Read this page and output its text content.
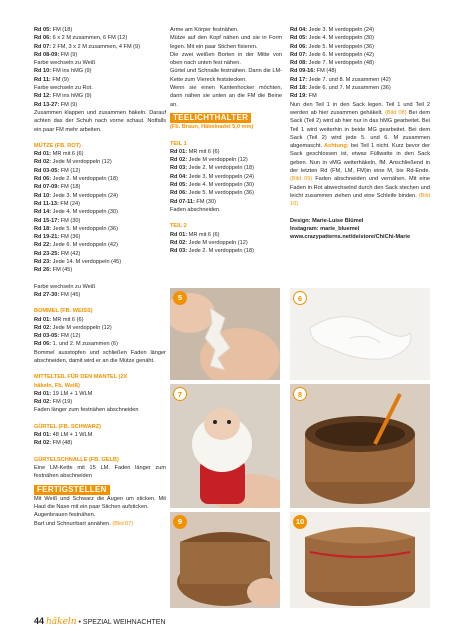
Rd 05: FM (18)
Rd 06: 6 x 2 M zusammen, 6 FM (12)
Rd 07: 2 FM, 3 x 2 M zusammen, 4 FM (9)
Rd 08-09: FM (9)
Farbe wechseln zu Weiß
Rd 10: FM ins hMG (9)
Rd 11: FM (9)
Farbe wechseln zu Rot.
Rd 12: FM ins hMG (9)
Rd 13-27: FM (9)
Zusammen klappen und zusammen häkeln. Darauf achten das der Schuh nach vorne schaut. Notfalls ein paar FM mehr arbeiten.
MÜTZE (FB. ROT)
Rd 01: MR mit 6 (6)
Rd 02: Jede M verdoppeln (12)
Rd 03-05: FM (12)
Rd 06: Jede 2. M verdoppeln (18)
Rd 07-09: FM (18)
Rd 10: Jede 3. M verdoppeln (24)
Rd 11-13: FM (24)
Rd 14: Jede 4. M verdoppeln (30)
Rd 15-17: FM (30)
Rd 18: Jede 5. M verdoppeln (36)
Rd 19-21: FM (36)
Rd 22: Jede 6. M verdoppeln (42)
Rd 23-25: FM (42)
Rd 23: Jede 14. M verdoppeln (45)
Rd 26: FM (45)
Farbe wechseln zu Weiß
Rd 27-30: FM (45)
BOMMEL (FB. WEISS)
Rd 01: MR mit 6 (6)
Rd 02: Jede M verdoppeln (12)
Rd 03-05: FM (12)
Rd 06: 1. und 2. M zusammen (6)
Bommel ausstopfen und schließen Faden länger abschneiden, damit wird er an die Mütze genäht.
MITTELTEIL FÜR DEN MANTEL (2X
häkeln, Fb. Weiß)
Rd 01: 19 LM + 1 WLM
Rd 02: FM (19)
Faden länger zum festnähen abschneiden
GÜRTEL (FB. SCHWARZ)
Rd 01: 48 LM + 1 WLM
Rd 02: FM (48)
GÜRTELSCHNALLE (FB. GELB)
Eine LM-Kette mit 15 LM. Faden länger zum festnähen abschneiden
FERTIGSTELLEN
Mit Weiß und Schwarz die Augen um sticken. Mit Haut die Nase mit ein paar Stichen aufsticken.
Augenbrauen festnähen.
Bart und Schnurrbart annähen. (Bild 07)
Arme am Körper festnähen.
Mütze auf den Kopf nähen und sie in Form legen. Mit ein paar Stichen fixieren.
Die zwei weißen Borten in der Mitte von oben nach unten fest nähen.
Gürtel und Schnalle festnähen. Dann die LM-Kette zum Viereck feststecken.
Wenn sie einen Kantenhocker möchten, dann nähen sie unten an die FM die Beine an.
TEELICHTHALTER
(Fb. Braun, Häkelnadel 5,0 mm)
TEIL 1
Rd 01: MR mit 6 (6)
Rd 02: Jede M verdoppeln (12)
Rd 03: Jede 2. M verdoppeln (18)
Rd 04: Jede 3. M verdoppeln (24)
Rd 05: Jede 4. M verdoppeln (30)
Rd 06: Jede 5. M verdoppeln (36)
Rd 07-11: FM (30)
Faden abschneiden.
TEIL 2
Rd 01: MR mit 6 (6)
Rd 02: Jede M verdoppeln (12)
Rd 03: Jede 2. M verdoppeln (18)
Rd 04: Jede 3. M verdoppeln (24)
Rd 05: Jede 4. M verdoppeln (30)
Rd 06: Jede 5. M verdoppeln (36)
Rd 07: Jede 6. M verdoppeln (42)
Rd 08: Jede 7. M verdoppeln (48)
Rd 09-16: FM (48)
Rd 17: Jede 7. und 8. M zusammen (42)
Rd 18: Jede 6. und 7. M zusammen (36)
Rd 19: FM
Nun den Teil 1 in den Sack legen. Teil 1 und Teil 2 werden ab hier zusammen gehäkelt. (Bild 08) Bei dem Sack (Teil 2) wird ab hier nur in das hMG gearbeitet. Bei Teil 1 wird weiterhin in beide MG gearbeitet. Bei dem Sack (Teil 2) wird jede 5. und 6. M zusammen abgemascht. Achtung: bei Teil 1 nicht. Kurz bevor der Sack geschlossen ist, etwas Füllwatte in den Sack geben. Nun in vMG weiterhäkeln, fM. Anschließend in der letzten Rd (FM, LM, FM)in eine M, bis Rd-Ende. (Bild 09) Faden abschneiden und vernähen. Mit eine Faden in Rot abwechselnd durch den Sack stechen und leicht zusammen ziehen und eine Schleife binden. (Bild 10)
Design: Marie-Luise Blümel
Instagram: marie_bluemel
www.crazypatterns.net/de/store/ChiChi-Marie
5	6
7	8
9	10
44 häkeln • SPEZIAL WEIHNACHTEN
